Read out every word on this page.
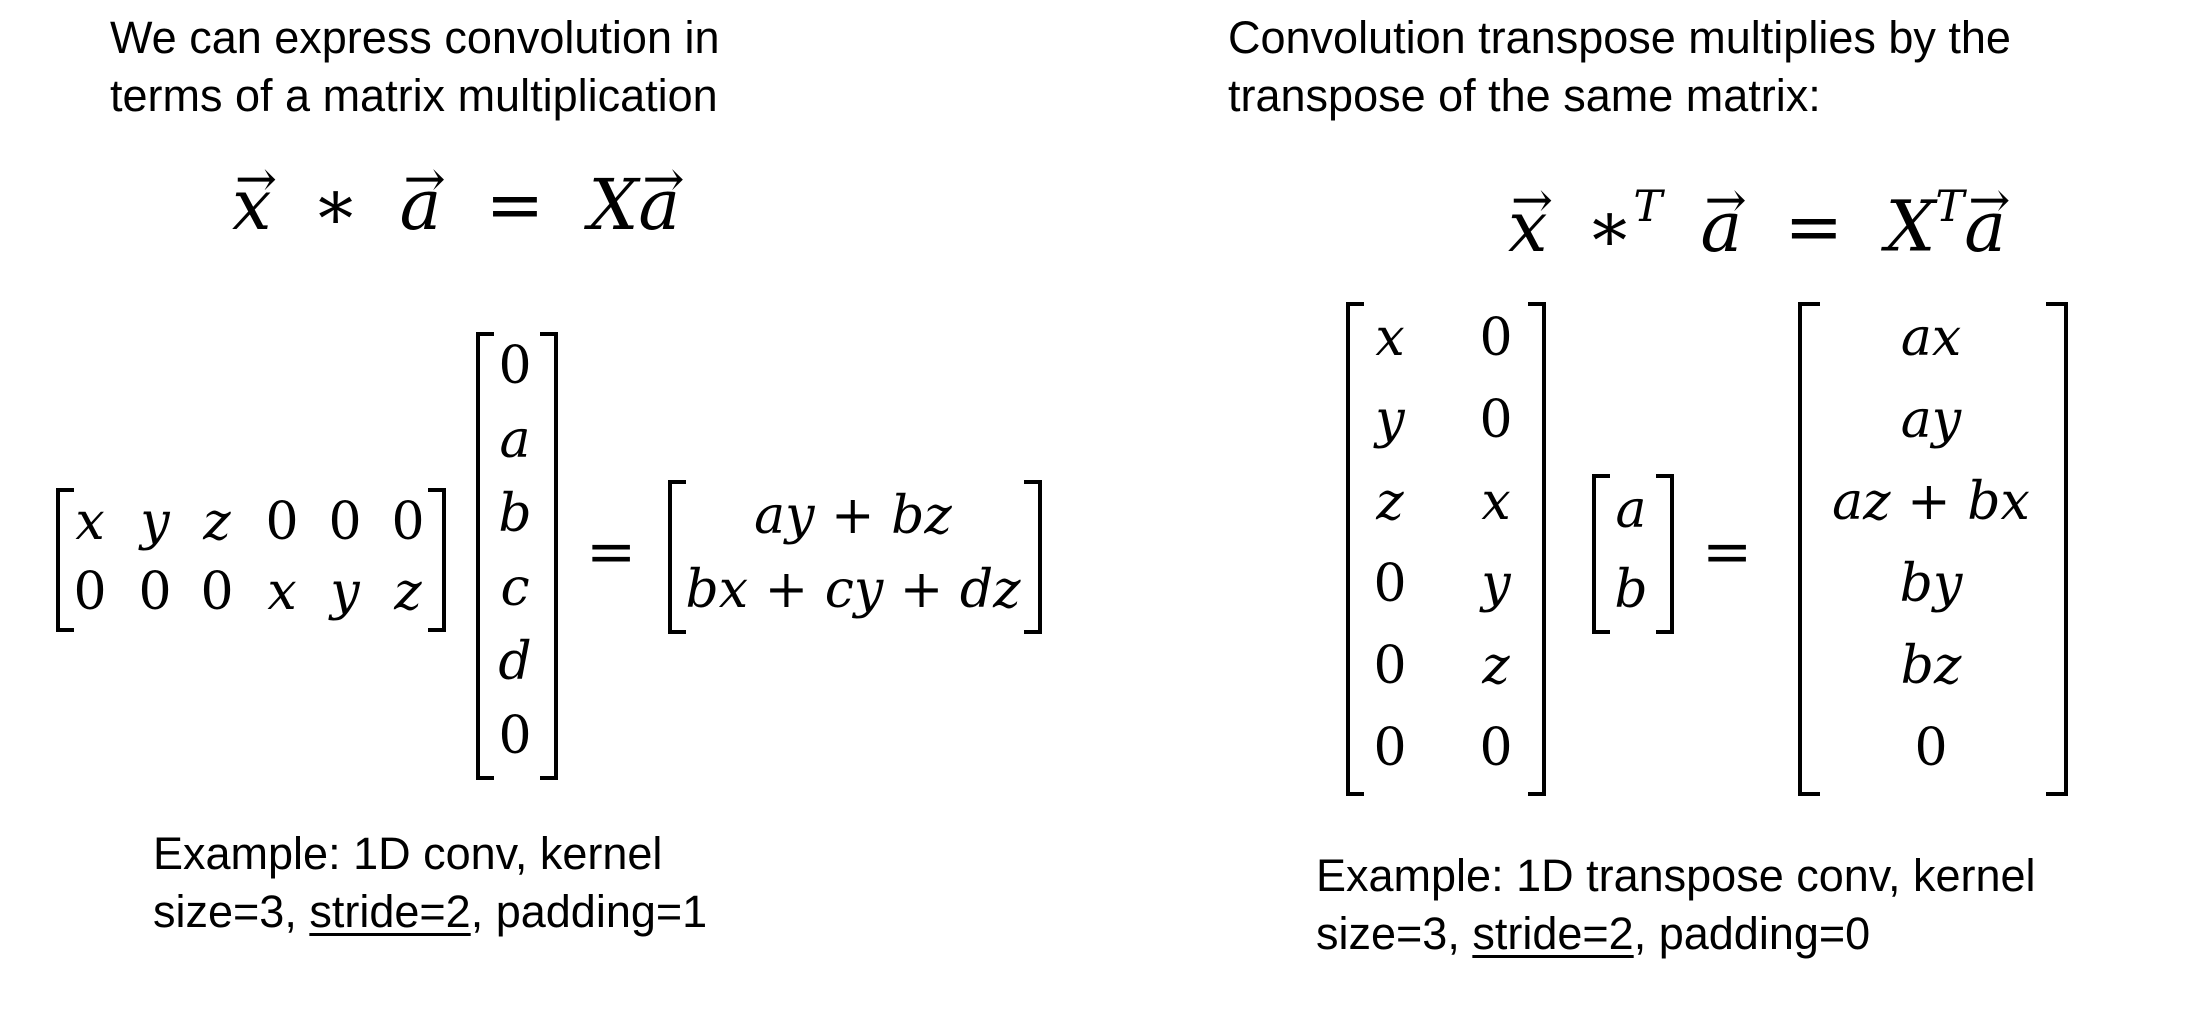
We can express convolution in
terms of a matrix multiplication
→ x ∗ → a = X→ a
x y z 0 0 0
0 0 0 x y z
0
a
b
c
d
0
=
ay + bz
bx + cy + dz
Example: 1D conv, kernel
size=3, stride=2, padding=1
Convolution transpose multiplies by the
transpose of the same matrix:
→ x ∗$^T$ → $a = X^T\to a$
x 0
y 0
z	x
0 y
0	z
0 0
a
b
=
ax
ay
az + bx
by
bz
0
Example: 1D transpose conv, kernel
size=3, stride=2, padding=0
